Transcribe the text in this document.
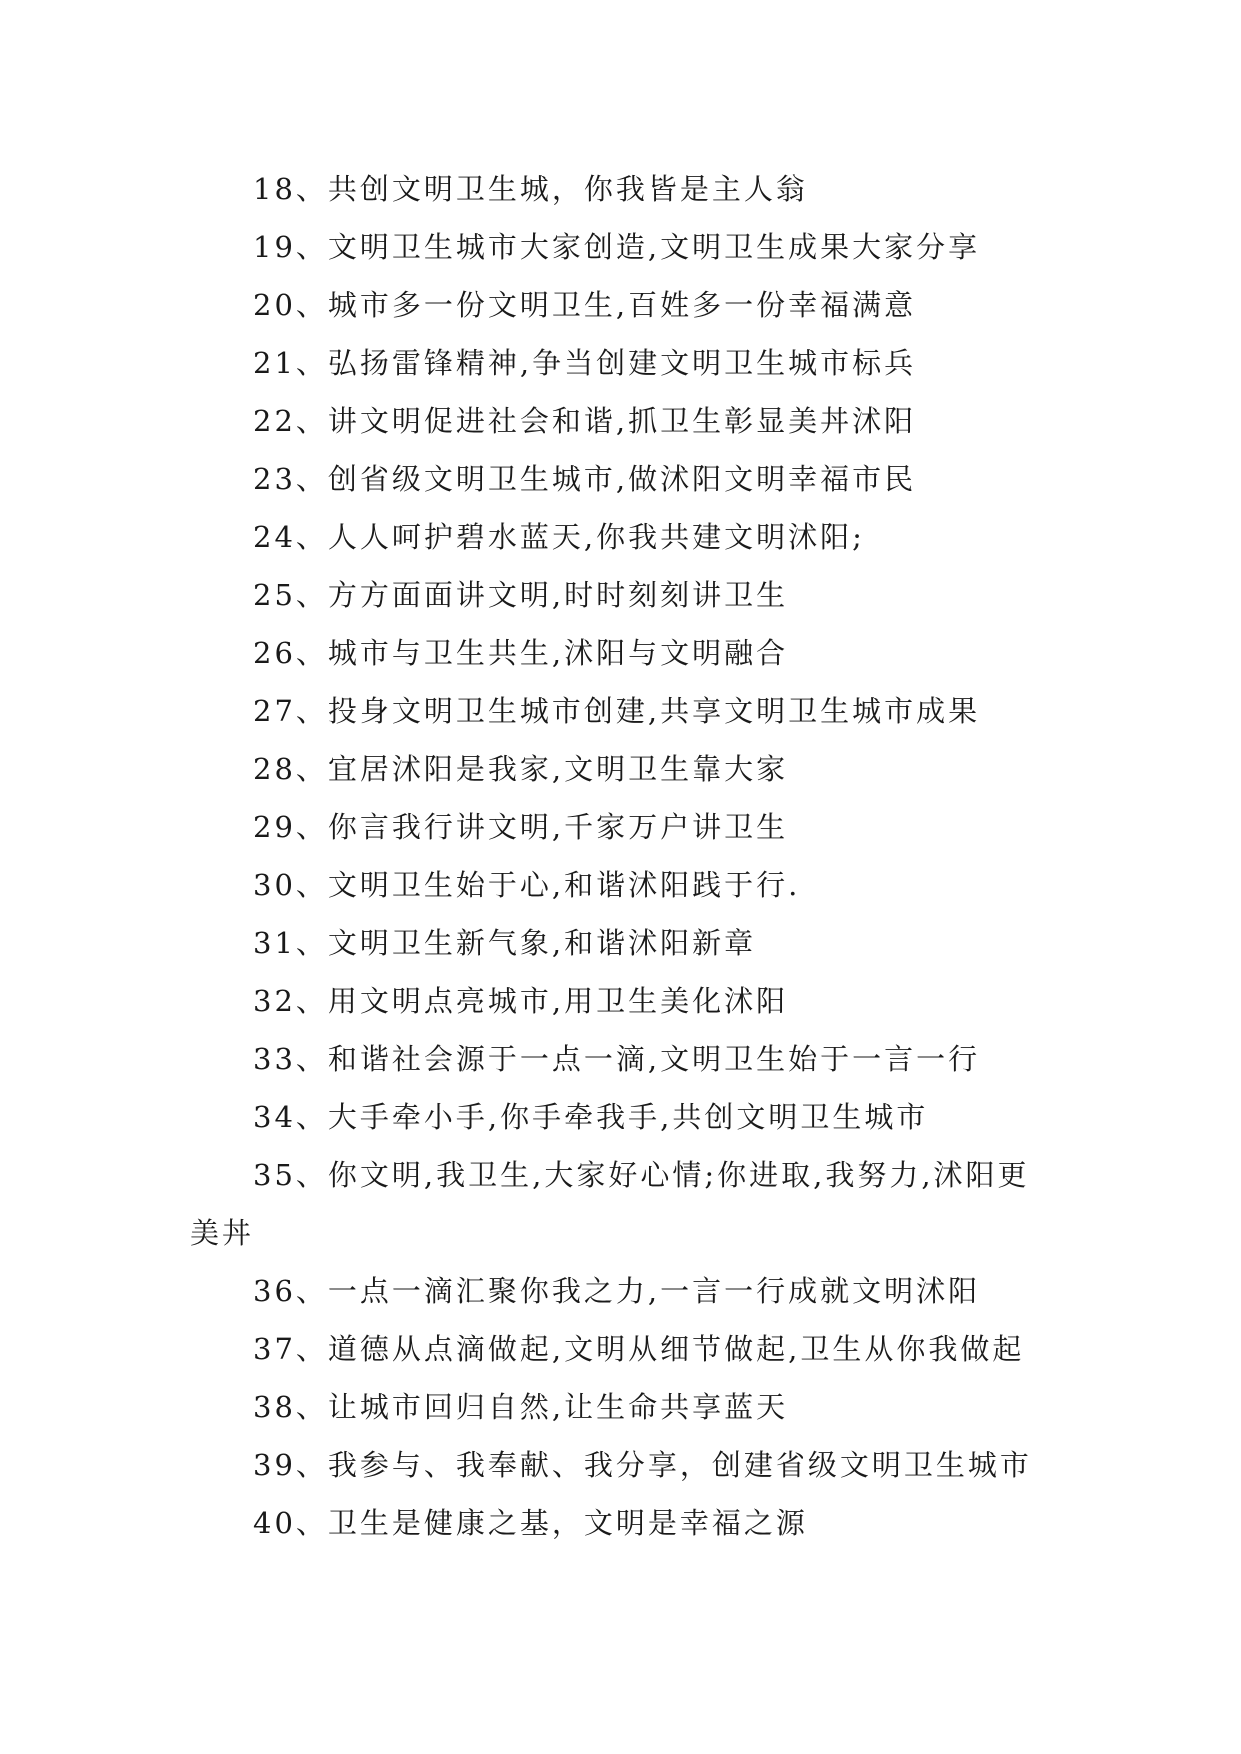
18、共创文明卫生城，你我皆是主人翁
19、文明卫生城市大家创造,文明卫生成果大家分享
20、城市多一份文明卫生,百姓多一份幸福满意
21、弘扬雷锋精神,争当创建文明卫生城市标兵
22、讲文明促进社会和谐,抓卫生彰显美丼沭阳
23、创省级文明卫生城市,做沭阳文明幸福市民
24、人人呵护碧水蓝天,你我共建文明沭阳;
25、方方面面讲文明,时时刻刻讲卫生
26、城市与卫生共生,沭阳与文明融合
27、投身文明卫生城市创建,共享文明卫生城市成果
28、宜居沭阳是我家,文明卫生靠大家
29、你言我行讲文明,千家万户讲卫生
30、文明卫生始于心,和谐沭阳践于行.
31、文明卫生新气象,和谐沭阳新章
32、用文明点亮城市,用卫生美化沭阳
33、和谐社会源于一点一滴,文明卫生始于一言一行
34、大手牵小手,你手牵我手,共创文明卫生城市
35、你文明,我卫生,大家好心情;你进取,我努力,沭阳更美丼
36、一点一滴汇聚你我之力,一言一行成就文明沭阳
37、道德从点滴做起,文明从细节做起,卫生从你我做起
38、让城市回归自然,让生命共享蓝天
39、我参与、我奉献、我分享，创建省级文明卫生城市
40、卫生是健康之基，文明是幸福之源
